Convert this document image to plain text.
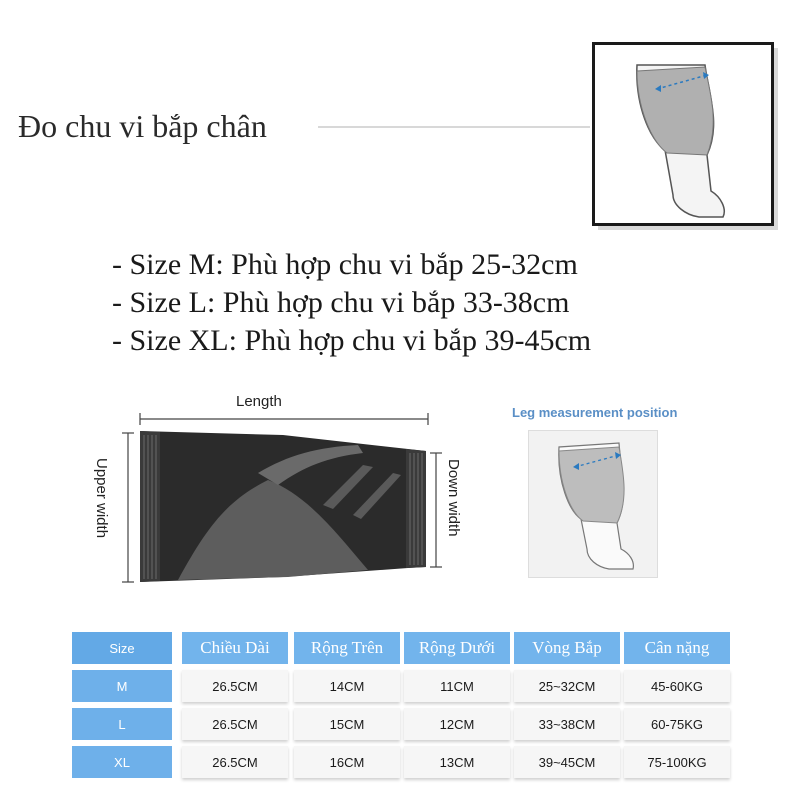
Đo chu vi bắp chân
- Size M: Phù hợp chu vi bắp 25-32cm
- Size L: Phù hợp chu vi bắp 33-38cm
- Size XL: Phù hợp chu vi bắp 39-45cm
Length
Upper width	Down width
Leg measurement position
Size	Chiều Dài	Rộng Trên	Rộng Dưới	Vòng Bắp	Cân nặng
M	26.5CM	14CM	11CM	25~32CM	45-60KG
L	26.5CM	15CM	12CM	33~38CM	60-75KG
XL	26.5CM	16CM	13CM	39~45CM	75-100KG
